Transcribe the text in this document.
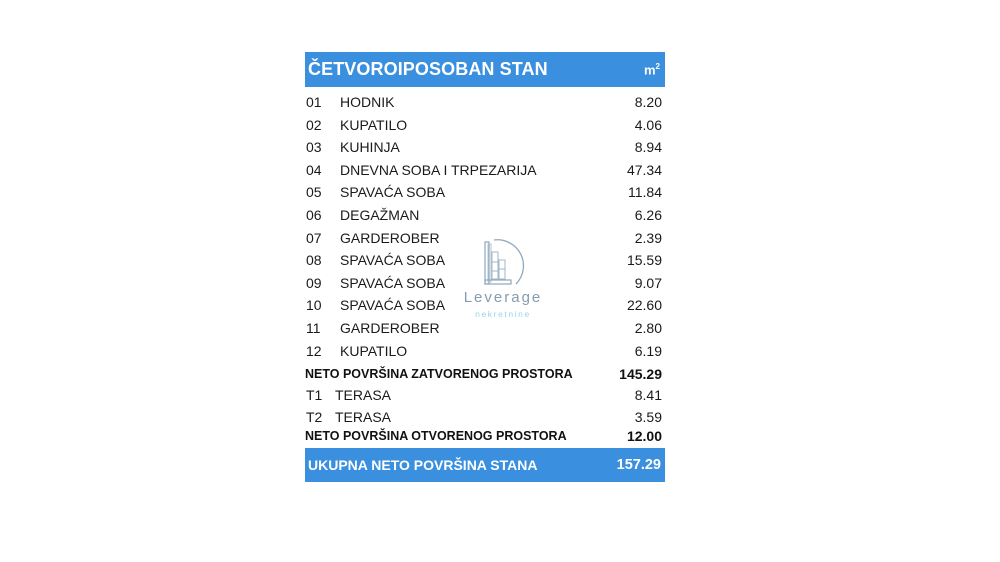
ČETVOROIPOSOBAN STAN	$m^2$
01	HODNIK	8.20
02	KUPATILO	4.06
03	KUHINJA	8.94
04	DNEVNA SOBA I TRPEZARIJA	47.34
05	SPAVAĆA SOBA	11.84
06	DEGAŽMAN	6.26
07	GARDEROBER	2.39
08	SPAVAĆA SOBA	15.59
09	SPAVAĆA SOBA	9.07
10	SPAVAĆA SOBA	22.60
11	GARDEROBER	2.80
12	KUPATILO	6.19
NETO POVRŠINA ZATVORENOG PROSTORA	145.29
T1 TERASA	8.41
T2 TERASA	3.59
NETO POVRŠINA OTVORENOG PROSTORA	12.00
UKUPNA NETO POVRŠINA STANA	157.29
Leverage
nekretnine
